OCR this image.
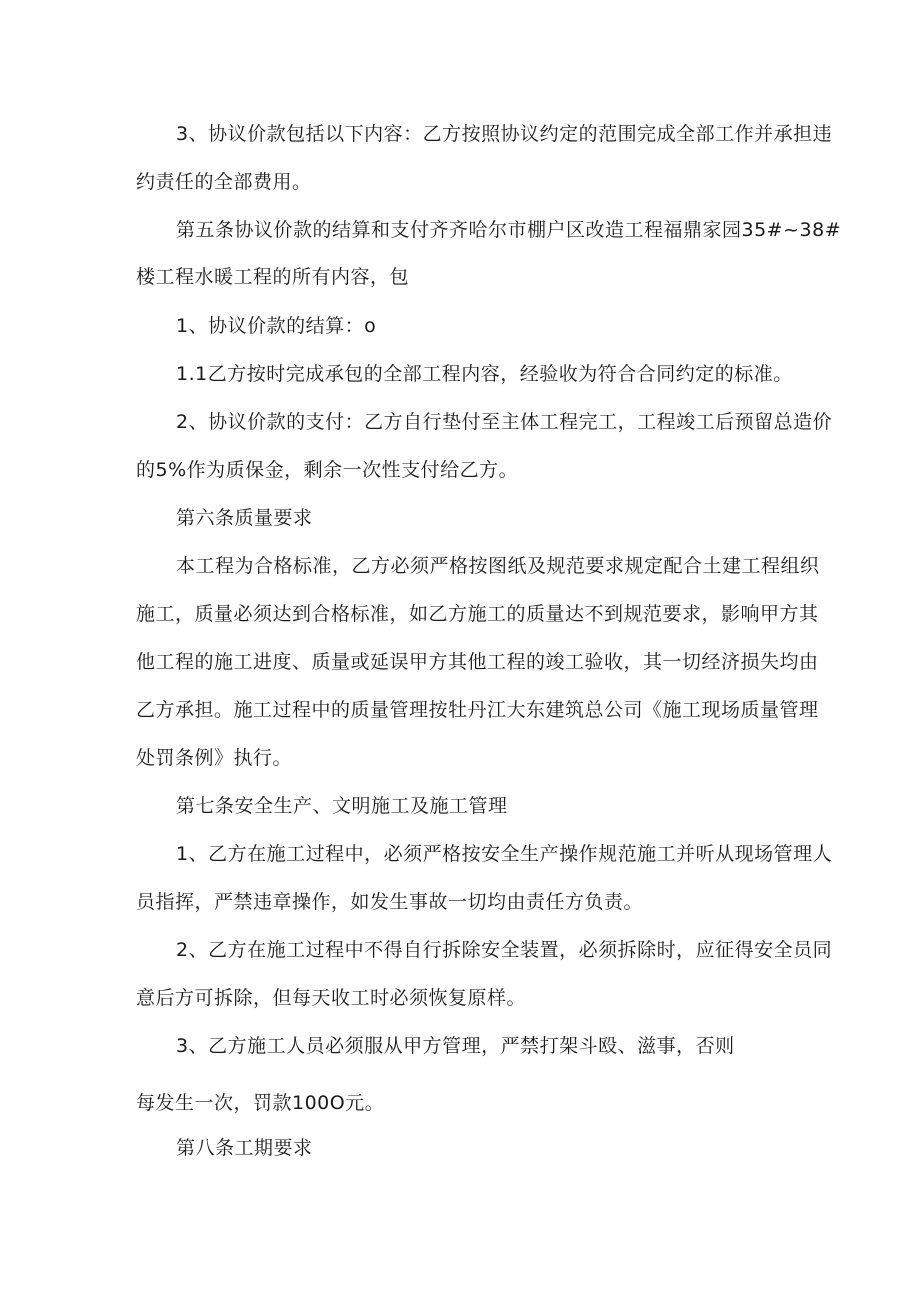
3、协议价款包括以下内容：乙方按照协议约定的范围完成全部工作并承担违
约责任的全部费用。
第五条协议价款的结算和支付齐齐哈尔市棚户区改造工程福鼎家园35#~38#
楼工程水暖工程的所有内容，包
1、协议价款的结算：o
1.1乙方按时完成承包的全部工程内容，经验收为符合合同约定的标准。
2、协议价款的支付：乙方自行垫付至主体工程完工，工程竣工后预留总造价
的5%作为质保金，剩余一次性支付给乙方。
第六条质量要求
本工程为合格标准，乙方必须严格按图纸及规范要求规定配合土建工程组织
施工，质量必须达到合格标准，如乙方施工的质量达不到规范要求，影响甲方其
他工程的施工进度、质量或延误甲方其他工程的竣工验收，其一切经济损失均由
乙方承担。施工过程中的质量管理按牡丹江大东建筑总公司《施工现场质量管理
处罚条例》执行。
第七条安全生产、文明施工及施工管理
1、乙方在施工过程中，必须严格按安全生产操作规范施工并听从现场管理人
员指挥，严禁违章操作，如发生事故一切均由责任方负责。
2、乙方在施工过程中不得自行拆除安全装置，必须拆除时，应征得安全员同
意后方可拆除，但每天收工时必须恢复原样。
3、乙方施工人员必须服从甲方管理，严禁打架斗殴、滋事，否则
每发生一次，罚款100O元。
第八条工期要求
